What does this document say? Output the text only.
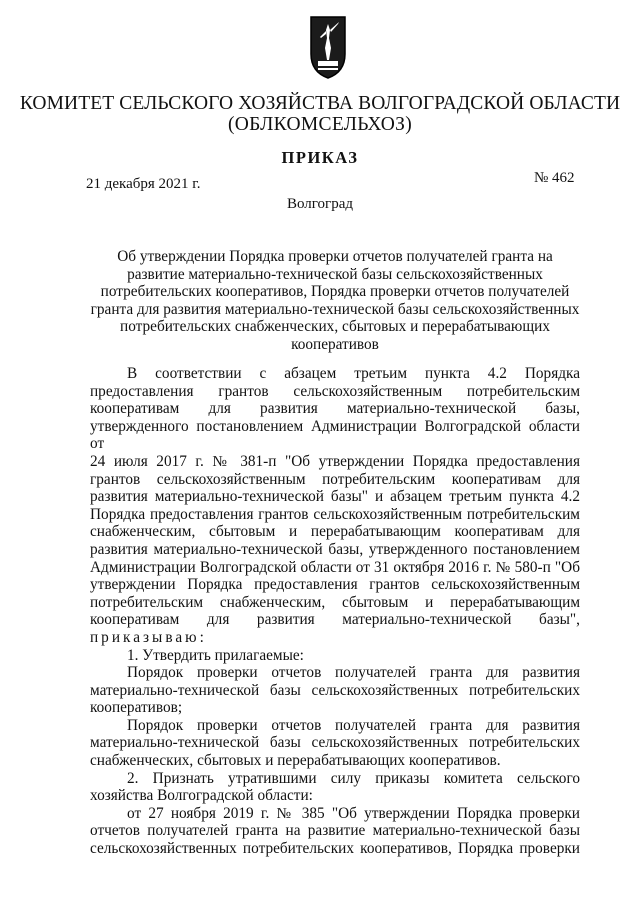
КОМИТЕТ СЕЛЬСКОГО ХОЗЯЙСТВА ВОЛГОГРАДСКОЙ ОБЛАСТИ
(ОБЛКОМСЕЛЬХОЗ)
ПРИКАЗ
21 декабря 2021 г.	№ 462
Волгоград
Об утверждении Порядка проверки отчетов получателей гранта на
развитие материально-технической базы сельскохозяйственных
потребительских кооперативов, Порядка проверки отчетов получателей
гранта для развития материально-технической базы сельскохозяйственных
потребительских снабженческих, сбытовых и перерабатывающих
кооперативов
В соответствии с абзацем третьим пункта 4.2 Порядка
предоставления грантов сельскохозяйственным потребительским
кооперативам для развития материально-технической базы,
утвержденного постановлением Администрации Волгоградской области от
24 июля 2017 г. № 381-п "Об утверждении Порядка предоставления
грантов сельскохозяйственным потребительским кооперативам для
развития материально-технической базы" и абзацем третьим пункта 4.2
Порядка предоставления грантов сельскохозяйственным потребительским
снабженческим, сбытовым и перерабатывающим кооперативам для
развития материально-технической базы, утвержденного постановлением
Администрации Волгоградской области от 31 октября 2016 г. № 580-п "Об
утверждении Порядка предоставления грантов сельскохозяйственным
потребительским снабженческим, сбытовым и перерабатывающим
кооперативам для развития материально-технической базы",
приказываю:
1. Утвердить прилагаемые:
Порядок проверки отчетов получателей гранта для развития
материально-технической базы сельскохозяйственных потребительских
кооперативов;
Порядок проверки отчетов получателей гранта для развития
материально-технической базы сельскохозяйственных потребительских
снабженческих, сбытовых и перерабатывающих кооперативов.
2. Признать утратившими силу приказы комитета сельского
хозяйства Волгоградской области:
от 27 ноября 2019 г. № 385 "Об утверждении Порядка проверки
отчетов получателей гранта на развитие материально-технической базы
сельскохозяйственных потребительских кооперативов, Порядка проверки
